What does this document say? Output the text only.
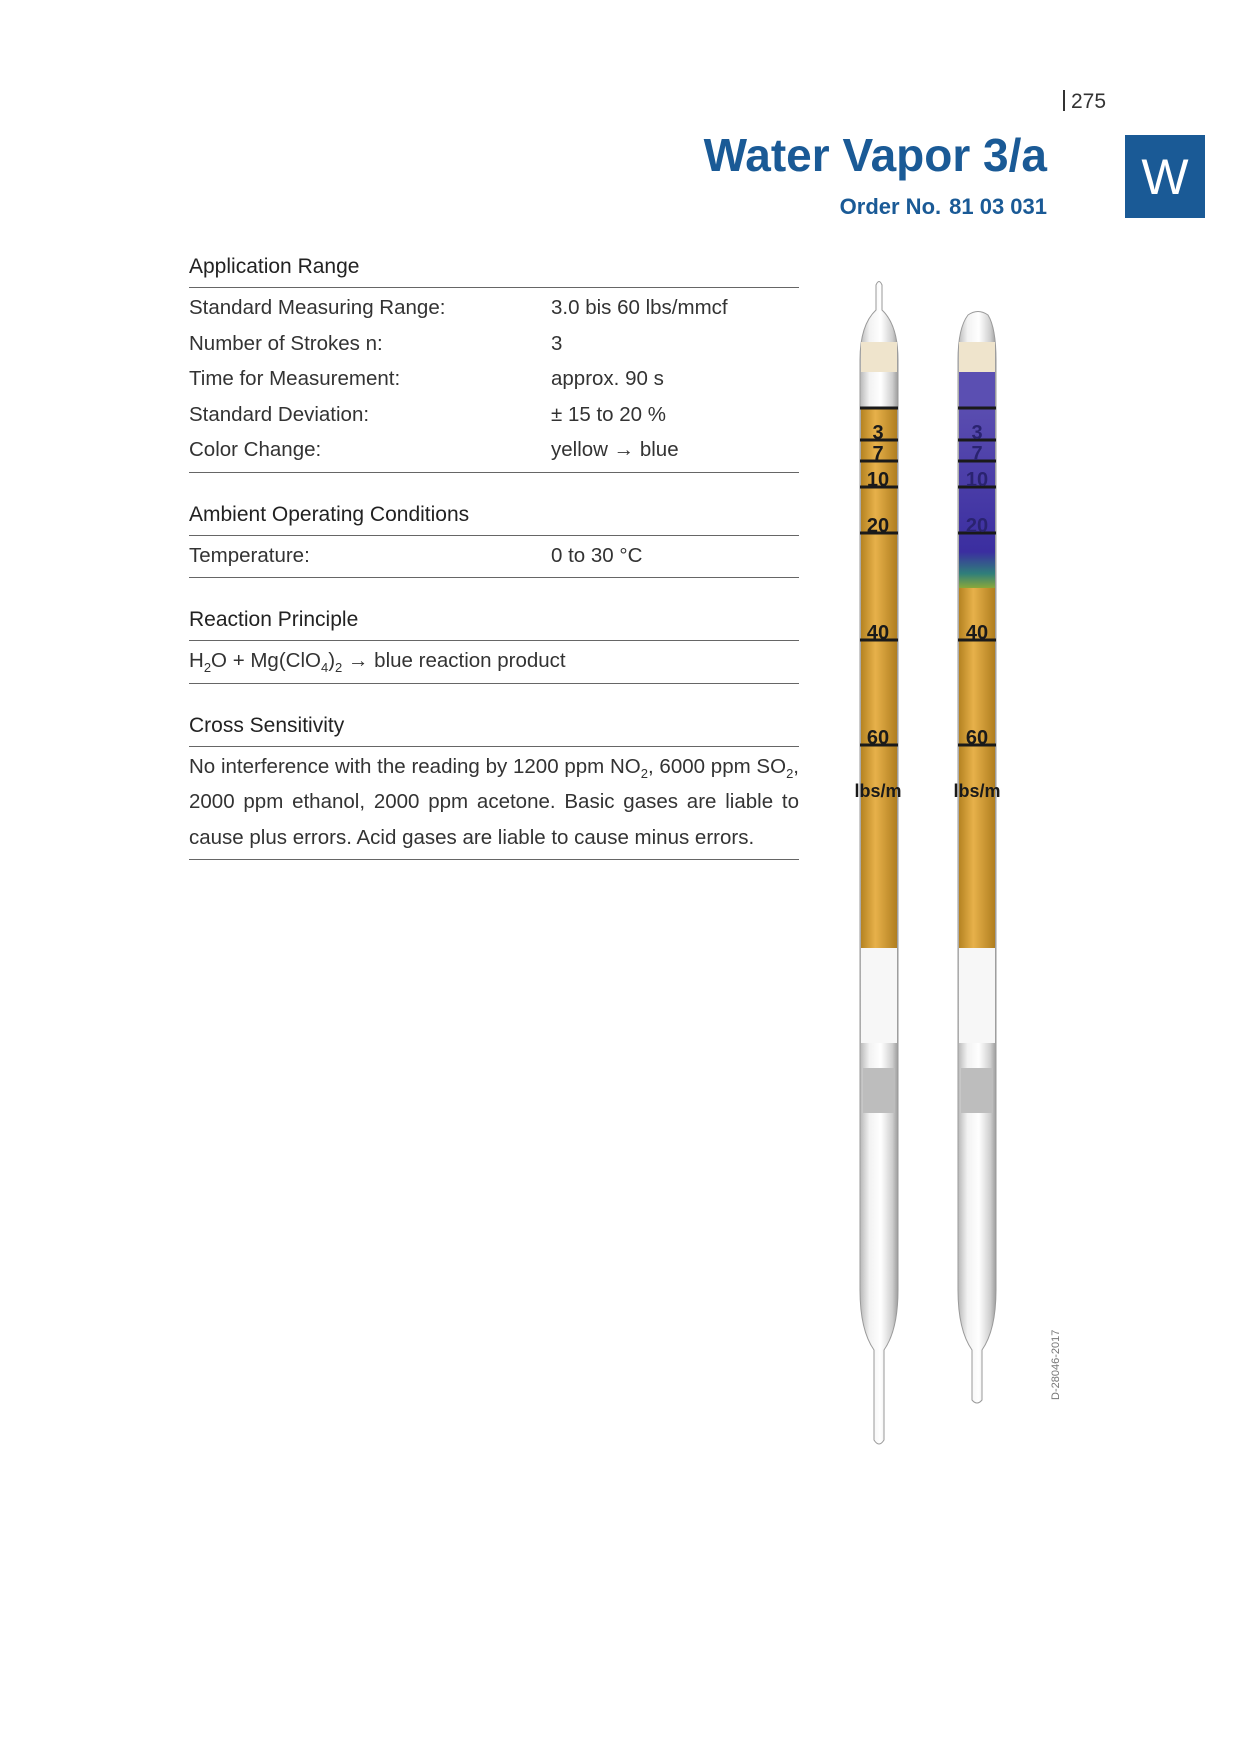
275
Water Vapor 3/a
Order No. 81 03 031
W
Application Range
Standard Measuring Range:	3.0 bis 60 lbs/mmcf
Number of Strokes n:	3
Time for Measurement:	approx. 90 s
Standard Deviation:	± 15 to 20 %
Color Change:	yellow → blue
Ambient Operating Conditions
Temperature:	0 to 30 °C
Reaction Principle
$H_2O + Mg(ClO_4)_2$ → blue reaction product
Cross Sensitivity
No interference with the reading by 1200 ppm $NO_2$, 6000 ppm $SO_2$, 2000 ppm ethanol, 2000 ppm acetone. Basic gases are liable to cause plus errors. Acid gases are liable to cause minus errors.
3
7
10
20
40
60
lbs/m
3
7
10
20
40
60
lbs/m
D-28046-2017
